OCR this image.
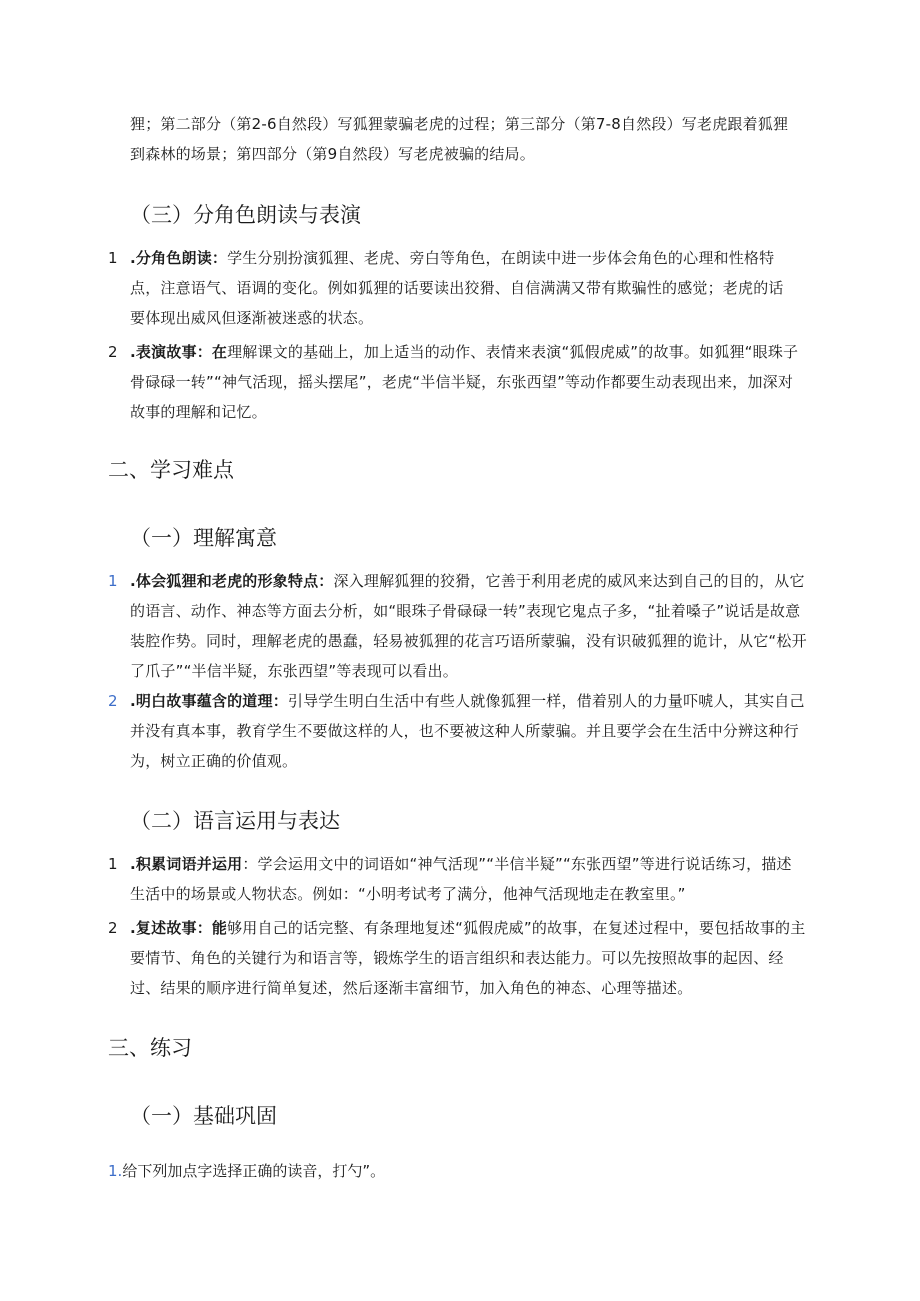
狸；第二部分（第2-6自然段）写狐狸蒙骗老虎的过程；第三部分（第7-8自然段）写老虎跟着狐狸
到森林的场景；第四部分（第9自然段）写老虎被骗的结局。
（三）分角色朗读与表演
1 .分角色朗读：学生分别扮演狐狸、老虎、旁白等角色，在朗读中进一步体会角色的心理和性格特点，注意语气、语调的变化。例如狐狸的话要读出狡猾、自信满满又带有欺骗性的感觉；老虎的话要体现出威风但逐渐被迷惑的状态。
2 .表演故事：在理解课文的基础上，加上适当的动作、表情来表演“狐假虎威”的故事。如狐狸“眼珠子骨碌碌一转”“神气活现，摇头摆尾”，老虎“半信半疑，东张西望”等动作都要生动表现出来，加深对故事的理解和记忆。
二、学习难点
（一）理解寓意
1 .体会狐狸和老虎的形象特点：深入理解狐狸的狡猾，它善于利用老虎的威风来达到自己的目的，从它的语言、动作、神态等方面去分析，如“眼珠子骨碌碌一转”表现它鬼点子多，“扯着嗓子”说话是故意装腔作势。同时，理解老虎的愚蠢，轻易被狐狸的花言巧语所蒙骗，没有识破狐狸的诡计，从它“松开了爪子”“半信半疑，东张西望”等表现可以看出。
2 .明白故事蕴含的道理：引导学生明白生活中有些人就像狐狸一样，借着别人的力量吓唬人，其实自己并没有真本事，教育学生不要做这样的人，也不要被这种人所蒙骗。并且要学会在生活中分辨这种行为，树立正确的价值观。
（二）语言运用与表达
1 .积累词语并运用：学会运用文中的词语如“神气活现”“半信半疑”“东张西望”等进行说话练习，描述生活中的场景或人物状态。例如：“小明考试考了满分，他神气活现地走在教室里。”
2 .复述故事：能够用自己的话完整、有条理地复述“狐假虎威”的故事，在复述过程中，要包括故事的主要情节、角色的关键行为和语言等，锻炼学生的语言组织和表达能力。可以先按照故事的起因、经过、结果的顺序进行简单复述，然后逐渐丰富细节，加入角色的神态、心理等描述。
三、练习
（一）基础巩固
1.给下列加点字选择正确的读音，打勺”。
